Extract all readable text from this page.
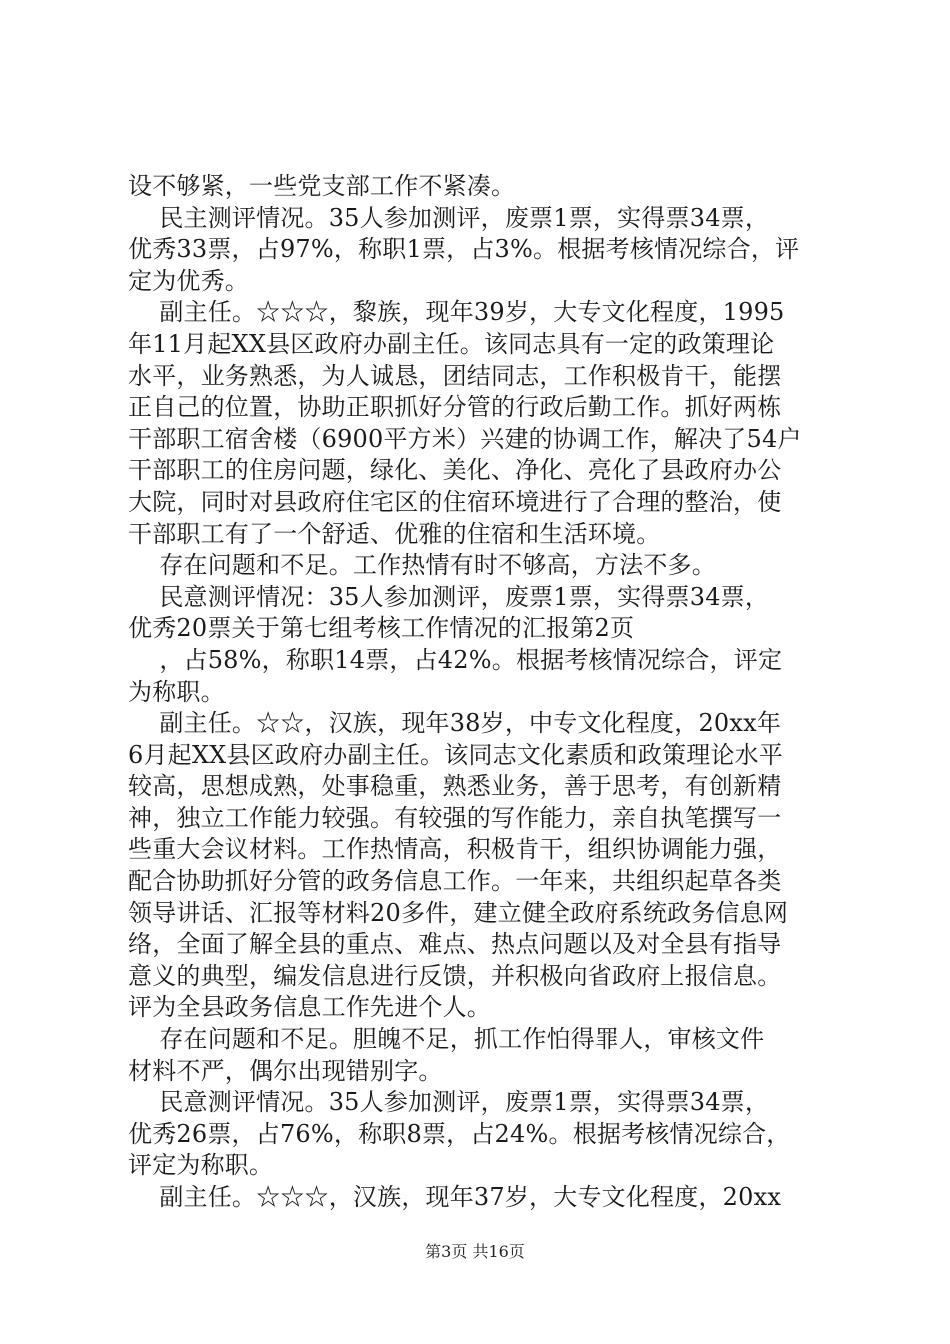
设不够紧，一些党支部工作不紧凑。
民主测评情况。35人参加测评，废票1票，实得票34票，
优秀33票，占97%，称职1票，占3%。根据考核情况综合，评
定为优秀。
副主任。☆☆☆，黎族，现年39岁，大专文化程度，1995
年11月起XX县区政府办副主任。该同志具有一定的政策理论
水平，业务熟悉，为人诚恳，团结同志，工作积极肯干，能摆
正自己的位置，协助正职抓好分管的行政后勤工作。抓好两栋
干部职工宿舍楼（6900平方米）兴建的协调工作，解决了54户
干部职工的住房问题，绿化、美化、净化、亮化了县政府办公
大院，同时对县政府住宅区的住宿环境进行了合理的整治，使
干部职工有了一个舒适、优雅的住宿和生活环境。
存在问题和不足。工作热情有时不够高，方法不多。
民意测评情况：35人参加测评，废票1票，实得票34票，
优秀20票关于第七组考核工作情况的汇报第2页
，占58%，称职14票，占42%。根据考核情况综合，评定
为称职。
副主任。☆☆，汉族，现年38岁，中专文化程度，20xx年
6月起XX县区政府办副主任。该同志文化素质和政策理论水平
较高，思想成熟，处事稳重，熟悉业务，善于思考，有创新精
神，独立工作能力较强。有较强的写作能力，亲自执笔撰写一
些重大会议材料。工作热情高，积极肯干，组织协调能力强，
配合协助抓好分管的政务信息工作。一年来，共组织起草各类
领导讲话、汇报等材料20多件，建立健全政府系统政务信息网
络，全面了解全县的重点、难点、热点问题以及对全县有指导
意义的典型，编发信息进行反馈，并积极向省政府上报信息。
评为全县政务信息工作先进个人。
存在问题和不足。胆魄不足，抓工作怕得罪人，审核文件
材料不严，偶尔出现错别字。
民意测评情况。35人参加测评，废票1票，实得票34票，
优秀26票，占76%，称职8票，占24%。根据考核情况综合，
评定为称职。
副主任。☆☆☆，汉族，现年37岁，大专文化程度，20xx
第3页 共16页
